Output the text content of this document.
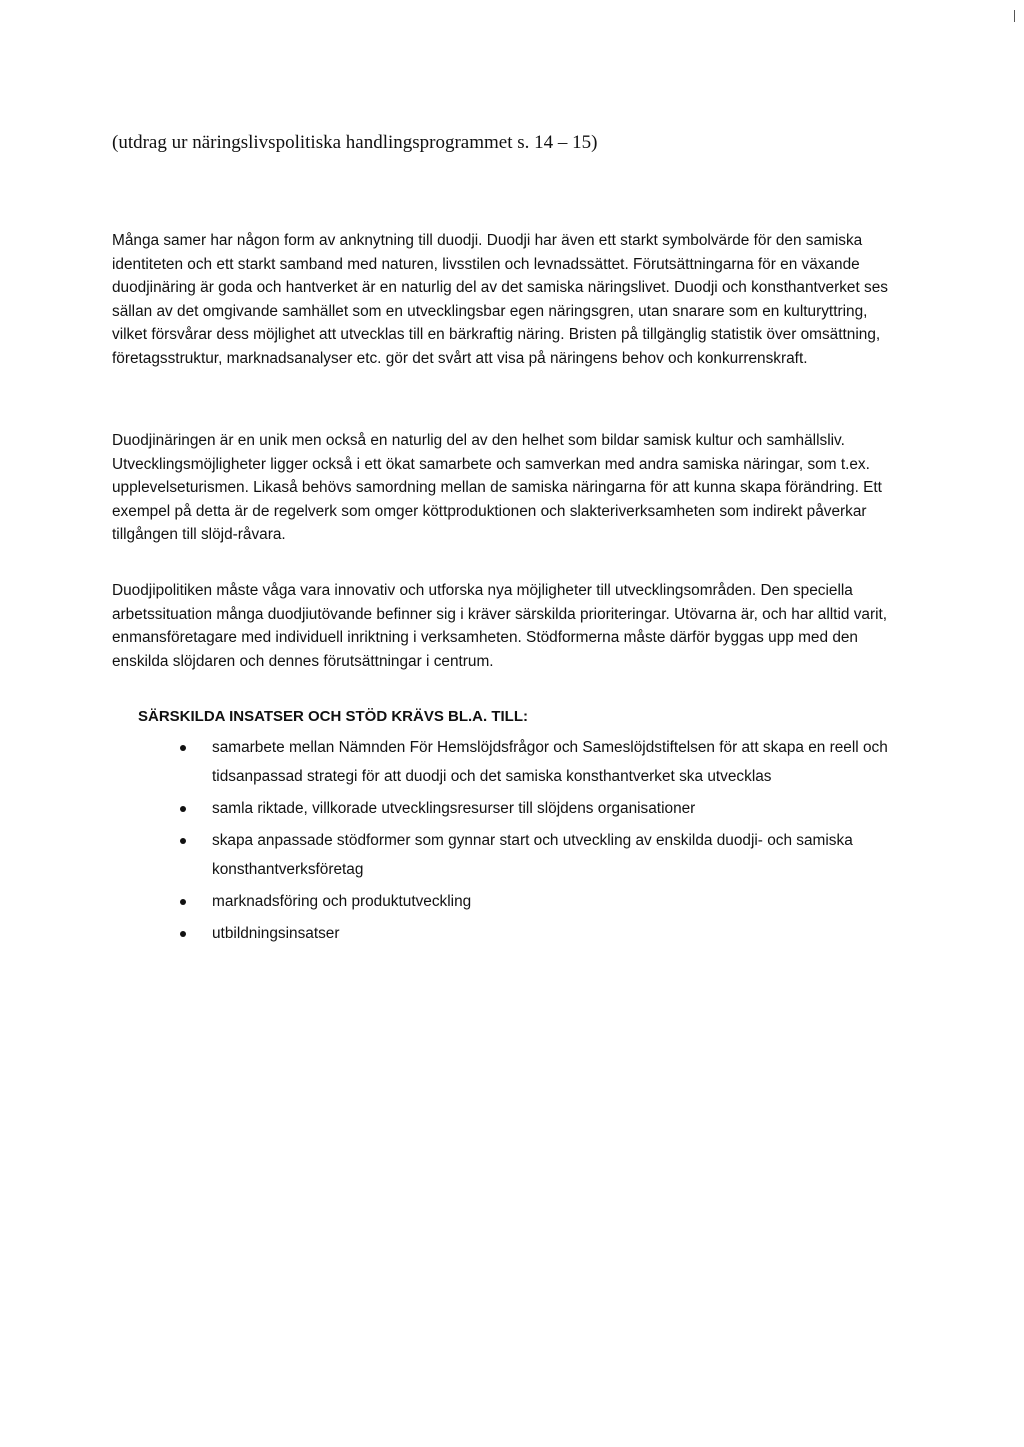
(utdrag ur näringslivspolitiska handlingsprogrammet s. 14 – 15)

Många samer har någon form av anknytning till duodji. Duodji har även ett starkt symbolvärde för den samiska identiteten och ett starkt samband med naturen, livsstilen och levnadssättet. Förutsättningarna för en växande duodjinäring är goda och hantverket är en naturlig del av det samiska näringslivet. Duodji och konsthantverket ses sällan av det omgivande samhället som en utvecklingsbar egen näringsgren, utan snarare som en kulturyttring, vilket försvårar dess möjlighet att utvecklas till en bärkraftig näring. Bristen på tillgänglig statistik över omsättning, företagsstruktur, marknadsanalyser etc. gör det svårt att visa på näringens behov och konkurrenskraft.

Duodjinäringen är en unik men också en naturlig del av den helhet som bildar samisk kultur och samhällsliv. Utvecklingsmöjligheter ligger också i ett ökat samarbete och samverkan med andra samiska näringar, som t.ex. upplevelseturismen. Likaså behövs samordning mellan de samiska näringarna för att kunna skapa förändring. Ett exempel på detta är de regelverk som omger köttproduktionen och slakteriverksamheten som indirekt påverkar tillgången till slöjd-råvara.

Duodjipolitiken måste våga vara innovativ och utforska nya möjligheter till utvecklingsområden. Den speciella arbetssituation många duodjiutövande befinner sig i kräver särskilda prioriteringar. Utövarna är, och har alltid varit, enmansföretagare med individuell inriktning i verksamheten. Stödformerna måste därför byggas upp med den enskilda slöjdaren och dennes förutsättningar i centrum.

SÄRSKILDA INSATSER OCH STÖD KRÄVS BL.A. TILL:
samarbete mellan Nämnden För Hemslöjdsfrågor och Sameslöjdstiftelsen för att skapa en reell och tidsanpassad strategi för att duodji och det samiska konsthantverket ska utvecklas
samla riktade, villkorade utvecklingsresurser till slöjdens organisationer
skapa anpassade stödformer som gynnar start och utveckling av enskilda duodji- och samiska konsthantverksföretag
marknadsföring och produktutveckling
utbildningsinsatser
